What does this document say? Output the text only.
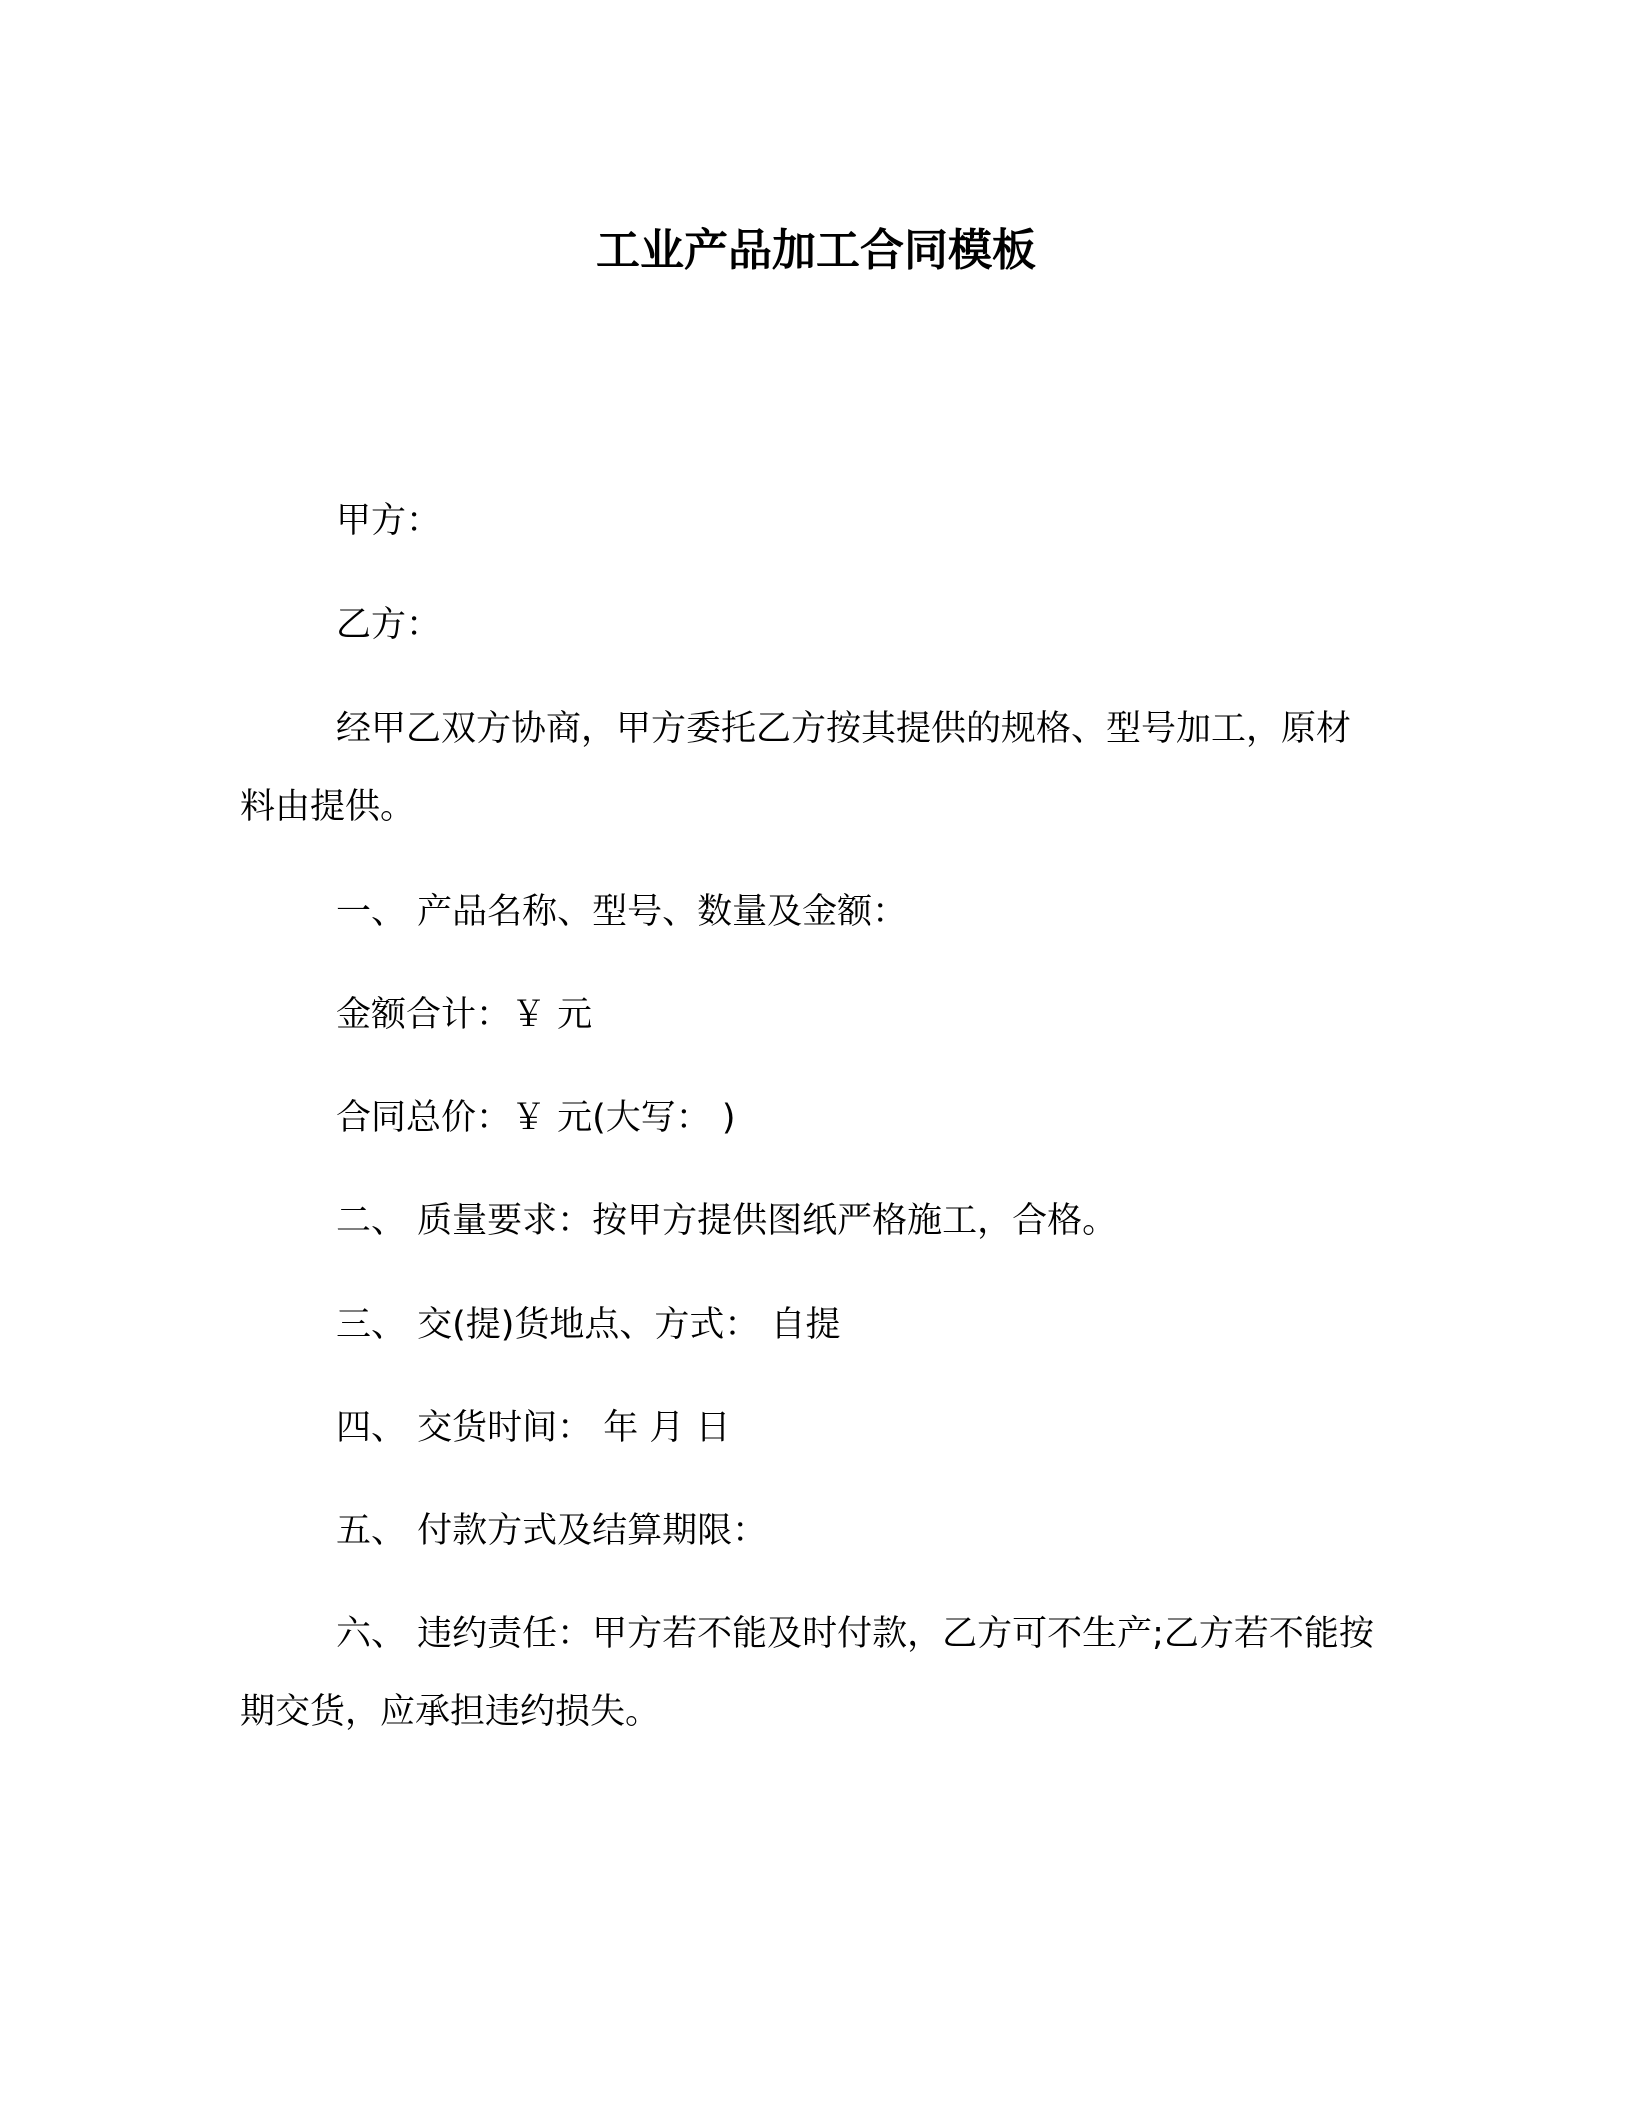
工业产品加工合同模板

甲方：

乙方：

经甲乙双方协商，甲方委托乙方按其提供的规格、型号加工，原材料由提供。

一、 产品名称、型号、数量及金额：

金额合计：￥ 元

合同总价：￥ 元(大写： )

二、 质量要求：按甲方提供图纸严格施工，合格。

三、 交(提)货地点、方式： 自提

四、 交货时间： 年 月 日

五、 付款方式及结算期限：

六、 违约责任：甲方若不能及时付款，乙方可不生产;乙方若不能按期交货，应承担违约损失。
